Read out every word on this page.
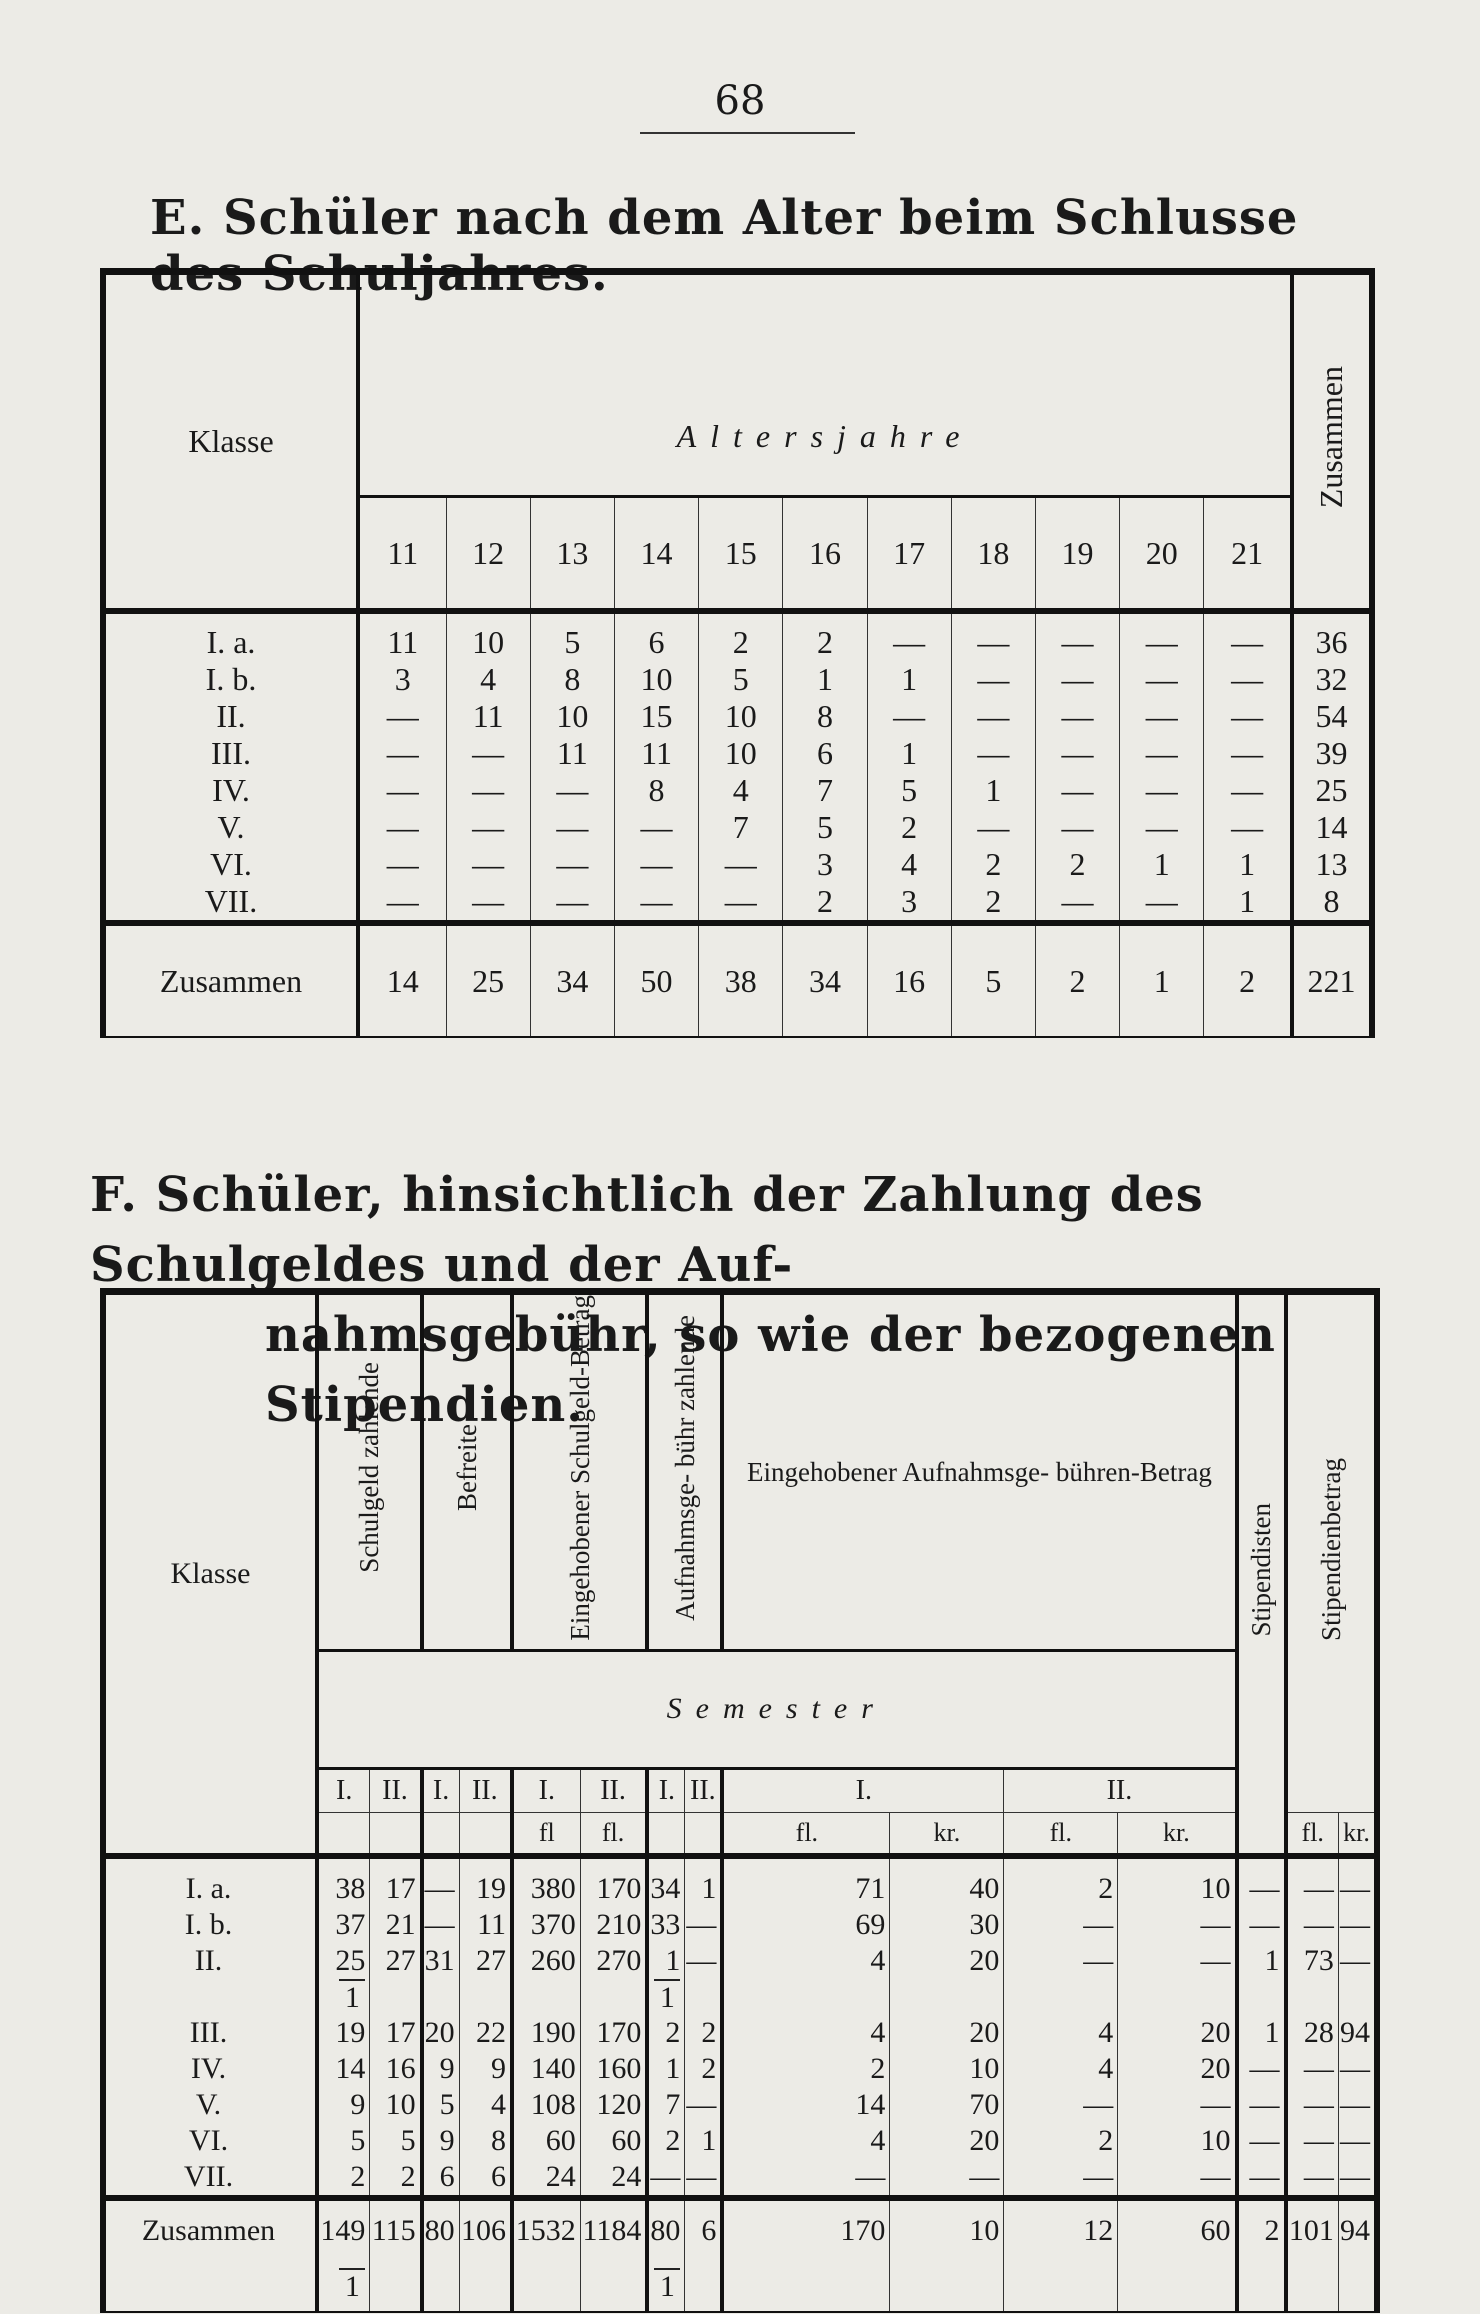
68
E. Schüler nach dem Alter beim Schlusse des Schuljahres.
Klasse	Altersjahre											Zusammen
	11	12	13	14	15	16	17	18	19	20	21	
I. a.	11	10	5	6	2	2	—	—	—	—	—	36
I. b.	3	4	8	10	5	1	1	—	—	—	—	32
II.	—	11	10	15	10	8	—	—	—	—	—	54
III.	—	—	11	11	10	6	1	—	—	—	—	39
IV.	—	—	—	8	4	7	5	1	—	—	—	25
V.	—	—	—	—	7	5	2	—	—	—	—	14
VI.	—	—	—	—	—	3	4	2	2	1	1	13
VII.	—	—	—	—	—	2	3	2	—	—	1	8
Zusammen	14	25	34	50	38	34	16	5	2	1	2	221
F. Schüler, hinsichtlich der Zahlung des Schulgeldes und der Auf-
nahmsgebühr, so wie der bezogenen Stipendien.
Klasse	Schulgeld zahlende		Befreite		Eingehobener Schulgeld-Betrag		Aufnahmsge- bühr zahlende		Eingehobener Aufnahmsge- bühren-Betrag				Stipendisten	Stipendienbetrag	
	Semester														
	I.	II.	I.	II.	I.	II.	I.	II.	I.		II.				
					fl	fl.			fl.	kr.	fl.	kr.		fl.	kr.
I. a.	38	17	—	19	380	170	34	1	71	40	2	10	—	—	—
I. b.	37	21	—	11	370	210	33	—	69	30	—	—	—	—	—
II.	25	27	31	27	260	270	1	—	4	20	—	—	1	73	—
	1						1								
III.	19	17	20	22	190	170	2	2	4	20	4	20	1	28	94
IV.	14	16	9	9	140	160	1	2	2	10	4	20	—	—	—
V.	9	10	5	4	108	120	7	—	14	70	—	—	—	—	—
VI.	5	5	9	8	60	60	2	1	4	20	2	10	—	—	—
VII.	2	2	6	6	24	24	—	—	—	—	—	—	—	—	—
Zusammen	149	115	80	106	1532	1184	80	6	170	10	12	60	2	101	94
	1						1								
